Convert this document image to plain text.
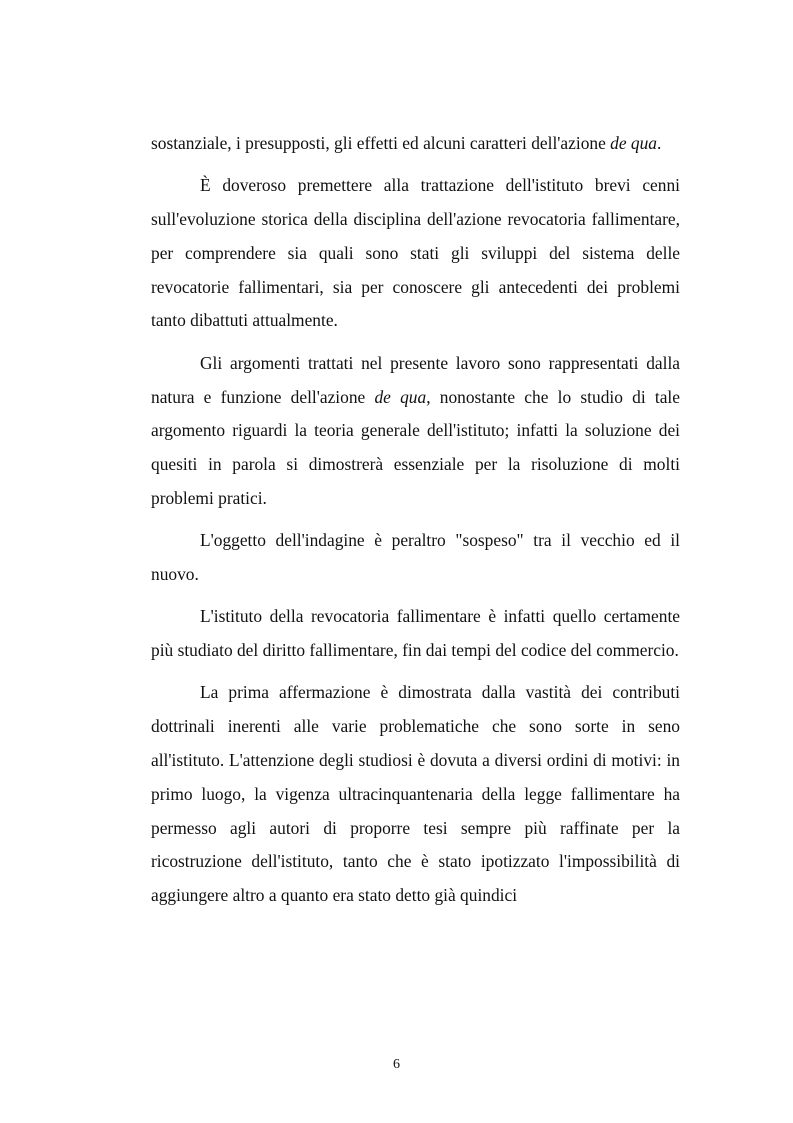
sostanziale, i presupposti, gli effetti ed alcuni caratteri dell'azione de qua.

È doveroso premettere alla trattazione dell'istituto brevi cenni sull'evoluzione storica della disciplina dell'azione revocatoria fallimentare, per comprendere sia quali sono stati gli sviluppi del sistema delle revocatorie fallimentari, sia per conoscere gli antecedenti dei problemi tanto dibattuti attualmente.

Gli argomenti trattati nel presente lavoro sono rappresentati dalla natura e funzione dell'azione de qua, nonostante che lo studio di tale argomento riguardi la teoria generale dell'istituto; infatti la soluzione dei quesiti in parola si dimostrerà essenziale per la risoluzione di molti problemi pratici.

L'oggetto dell'indagine è peraltro "sospeso" tra il vecchio ed il nuovo.

L'istituto della revocatoria fallimentare è infatti quello certamente più studiato del diritto fallimentare, fin dai tempi del codice del commercio.

La prima affermazione è dimostrata dalla vastità dei contributi dottrinali inerenti alle varie problematiche che sono sorte in seno all'istituto. L'attenzione degli studiosi è dovuta a diversi ordini di motivi: in primo luogo, la vigenza ultracinquantenaria della legge fallimentare ha permesso agli autori di proporre tesi sempre più raffinate per la ricostruzione dell'istituto, tanto che è stato ipotizzato l'impossibilità di aggiungere altro a quanto era stato detto già quindici

6
